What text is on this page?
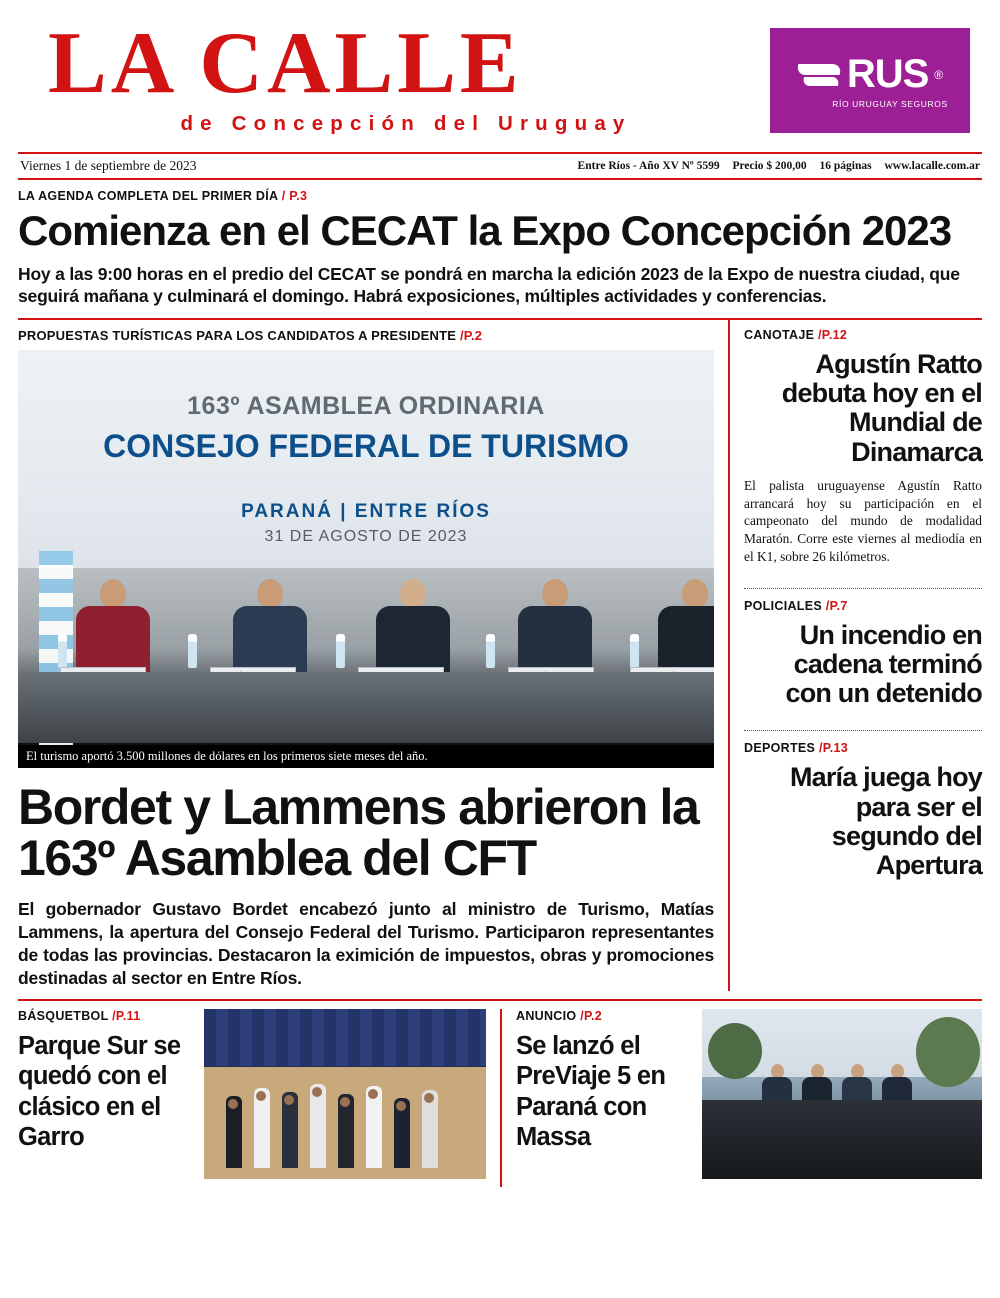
LA CALLE
de Concepción del Uruguay
RUS ®
RÍO URUGUAY SEGUROS
Viernes 1 de septiembre de 2023	Entre Ríos - Año XV Nº 5599 Precio $ 200,00 16 páginas www.lacalle.com.ar
LA AGENDA COMPLETA DEL PRIMER DÍA / P.3
Comienza en el CECAT la Expo Concepción 2023
Hoy a las 9:00 horas en el predio del CECAT se pondrá en marcha la edición 2023 de la Expo de nuestra ciudad, que seguirá mañana y culminará el domingo. Habrá exposiciones, múltiples actividades y conferencias.
PROPUESTAS TURÍSTICAS PARA LOS CANDIDATOS A PRESIDENTE /P.2
163º ASAMBLEA ORDINARIA
CONSEJO FEDERAL DE TURISMO
PARANÁ | ENTRE RÍOS
31 DE AGOSTO DE 2023
El turismo aportó 3.500 millones de dólares en los primeros siete meses del año.
Bordet y Lammens abrieron la 163º Asamblea del CFT
El gobernador Gustavo Bordet encabezó junto al ministro de Turismo, Matías Lammens, la apertura del Consejo Federal del Turismo. Participaron representantes de todas las provincias. Destacaron la eximición de impuestos, obras y promociones destinadas al sector en Entre Ríos.
CANOTAJE /P.12
Agustín Ratto debuta hoy en el Mundial de Dinamarca
El palista uruguayense Agustín Ratto arrancará hoy su participación en el campeonato del mundo de modalidad Maratón. Corre este viernes al mediodía en el K1, sobre 26 kilómetros.
POLICIALES /P.7
Un incendio en cadena terminó con un detenido
DEPORTES /P.13
María juega hoy para ser el segundo del Apertura
BÁSQUETBOL /P.11
Parque Sur se quedó con el clásico en el Garro
ANUNCIO /P.2
Se lanzó el PreViaje 5 en Paraná con Massa
